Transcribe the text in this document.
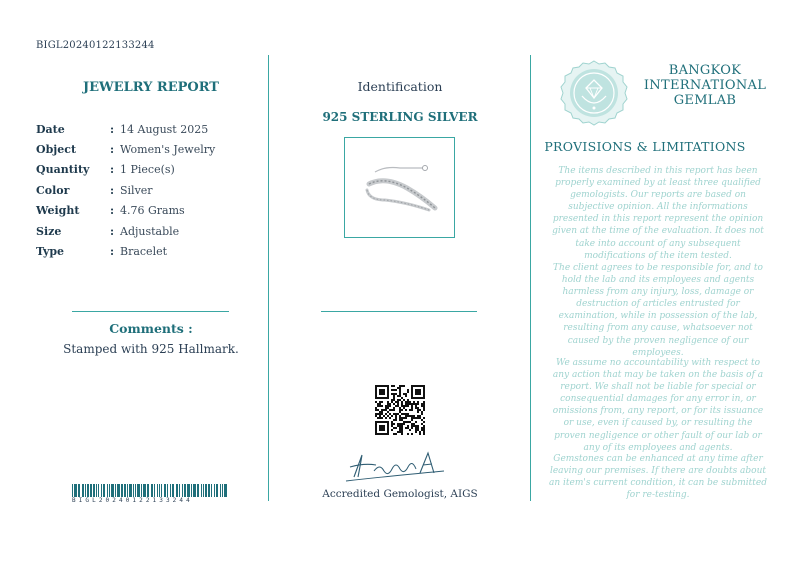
BIGL20240122133244
JEWELRY REPORT
Date	: 14 August 2025
Object	: Women's Jewelry
Quantity	: 1 Piece(s)
Color	: Silver
Weight	: 4.76 Grams
Size	: Adjustable
Type	: Bracelet
Comments :
Stamped with 925 Hallmark.
BIGL20240122133244
Identification
925 STERLING SILVER
Accredited Gemologist, AIGS
BANGKOK
INTERNATIONAL
GEMLAB
PROVISIONS & LIMITATIONS
The items described in this report has been properly examined by at least three qualified gemologists. Our reports are based on subjective opinion. All the informations presented in this report represent the opinion given at the time of the evaluation. It does not take into account of any subsequent modifications of the item tested.
The client agrees to be responsible for, and to hold the lab and its employees and agents harmless from any injury, loss, damage or destruction of articles entrusted for examination, while in possession of the lab, resulting from any cause, whatsoever not caused by the proven negligence of our employees.
We assume no accountability with respect to any action that may be taken on the basis of a report. We shall not be liable for special or consequential damages for any error in, or omissions from, any report, or for its issuance or use, even if caused by, or resulting the proven negligence or other fault of our lab or any of its employees and agents.
Gemstones can be enhanced at any time after leaving our premises. If there are doubts about an item's current condition, it can be submitted for re-testing.
